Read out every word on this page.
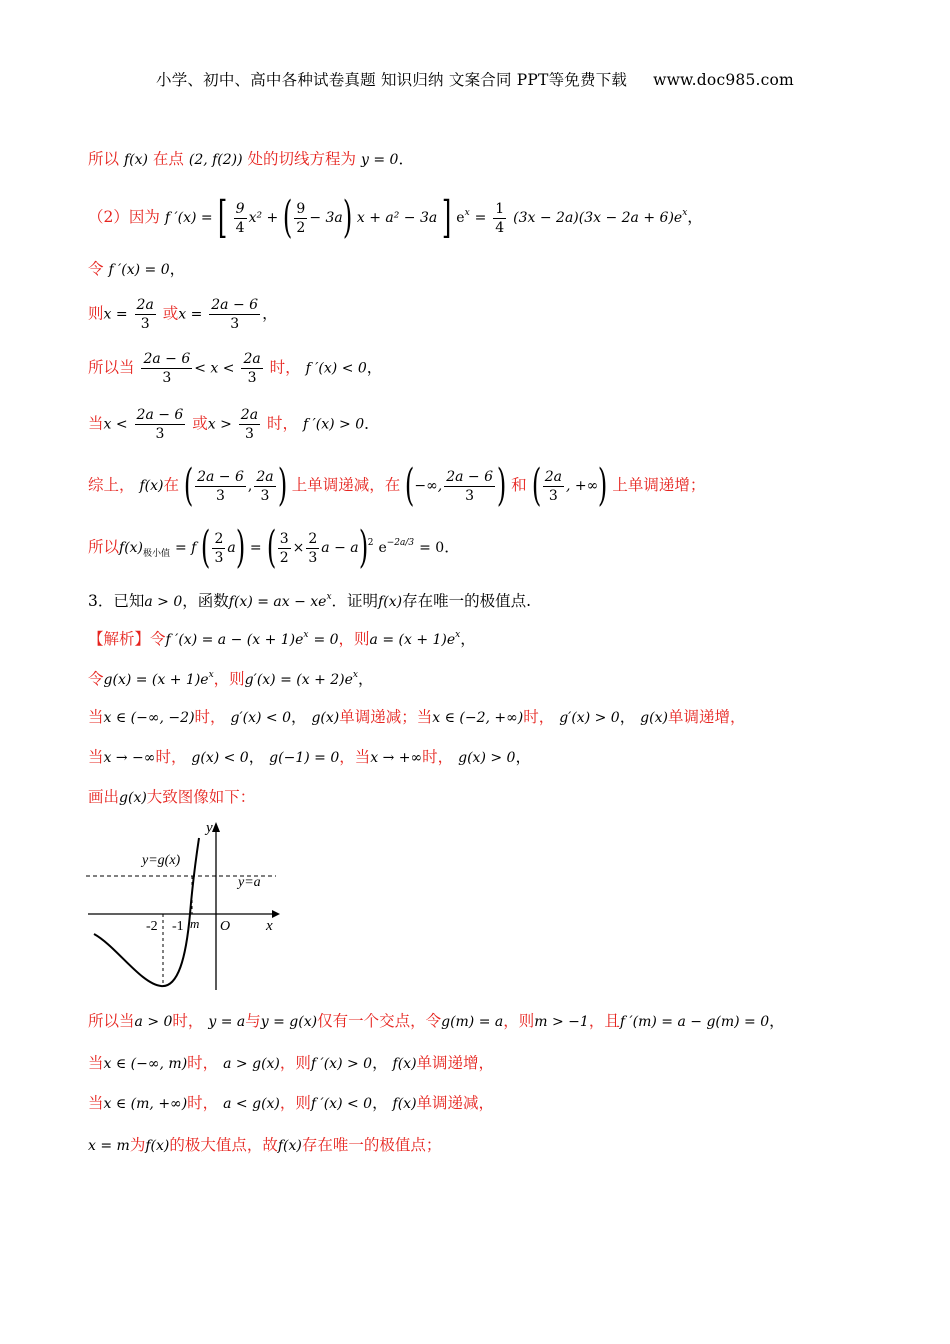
小学、初中、高中各种试卷真题 知识归纳 文案合同 PPT等免费下载 www.doc985.com
所以 f(x) 在点 (2, f(2)) 处的切线方程为 y = 0．
（2）因为 f ′(x) = [ $\frac{9}{4} x^2$ + ( $\frac{9}{2} - 3a$) x + a² − 3a ] $e^x = \frac{1}{4} (3x - 2a)(3x - 2a + 6)e^x$，
令 f ′(x) = 0，
则$x = \frac{2a}{3}$ 或$x = \frac{2a - 6}{3}$ ，
所以当 $\frac{2a - 6}{3} < x < \frac{2a}{3}$ 时， f ′(x) < 0，
当$x < \frac{2a - 6}{3}$ 或$x > \frac{2a}{3}$ 时， f ′(x) > 0．
综上， f(x)在 ( $\frac{2a - 6}{3}$ , $\frac{2a}{3}$ ) 上单调递减，在 (−∞, $\frac{2a - 6}{3}$ ) 和 ( $\frac{2a}{3}$ , +∞) 上单调递增；
所以$f(x)_{极小值} = f$ ( $\frac{2}{3} a$) = ( $\frac{3}{2} \times \frac{2}{3}$ a − a)$^2$ $e^{-2a/3} = 0$．
3．已知a > 0，函数f(x) = ax − $xe^x$．证明f(x)存在唯一的极值点.
【解析】令f $'(x) = a - (x + 1)e^x = 0$，则$a = (x + 1)e^x$，
令$g(x) = (x + 1)e^x$，则$g'(x) = (x + 2)e^x$，
当x ∈ (−∞, −2)时， g′(x) < 0， g(x)单调递减；当x ∈ (−2, +∞)时， g′(x) > 0， g(x)单调递增，
当x → −∞时， g(x) < 0， g(−1) = 0，当x → +∞时， g(x) > 0，
画出g(x)大致图像如下：
y
x
y=g(x)
y=a
-2 -1 m O
所以当a > 0时， y = a与y = g(x)仅有一个交点，令g(m) = a，则m > −1，且f ′(m) = a − g(m) = 0，
当x ∈ (−∞, m)时， a > g(x)，则f ′(x) > 0， f(x)单调递增，
当x ∈ (m, +∞)时， a < g(x)，则f ′(x) < 0， f(x)单调递减，
x = m为f(x)的极大值点，故f(x)存在唯一的极值点；
